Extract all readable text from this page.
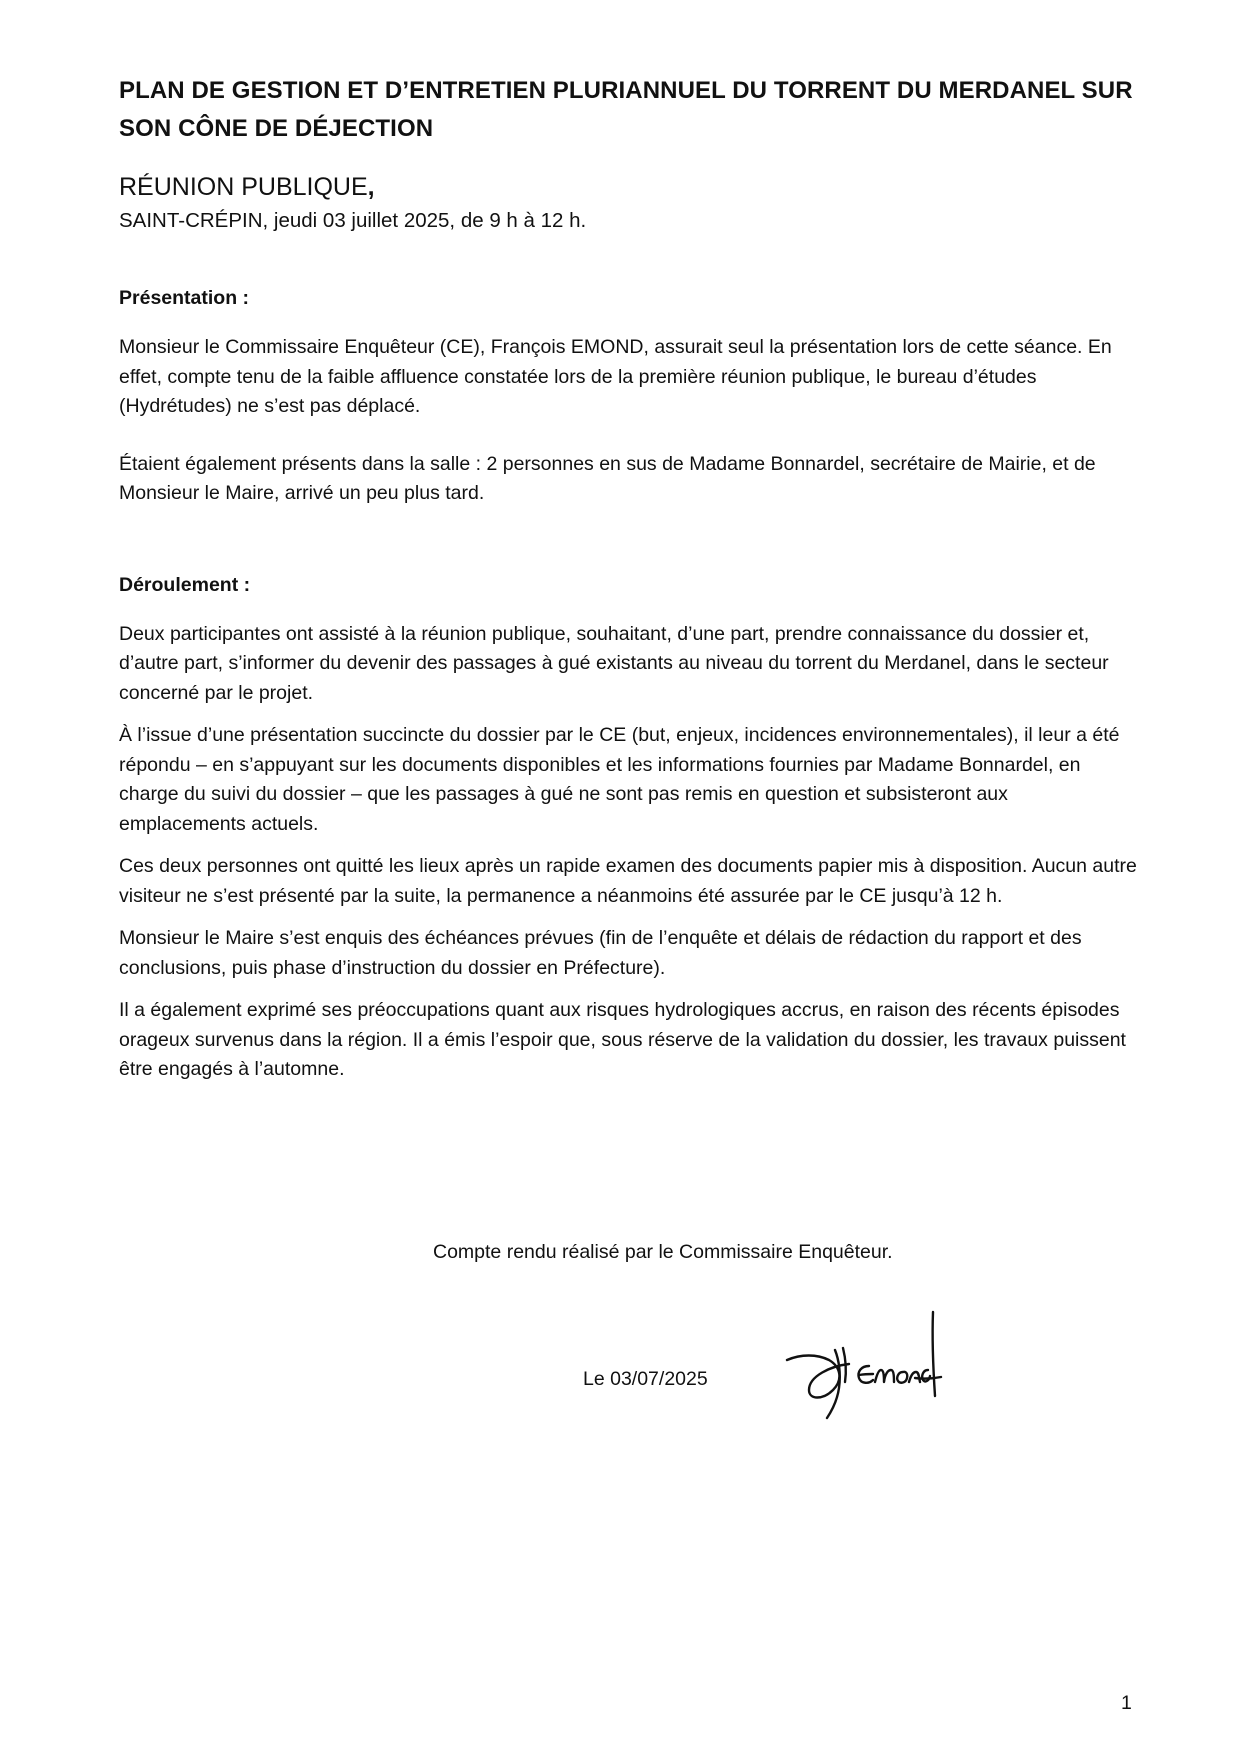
PLAN DE GESTION ET D’ENTRETIEN PLURIANNUEL DU TORRENT DU MERDANEL SUR SON CÔNE DE DÉJECTION

RÉUNION PUBLIQUE,

SAINT-CRÉPIN, jeudi 03 juillet 2025, de 9 h à 12 h.

Présentation :

Monsieur le Commissaire Enquêteur (CE), François EMOND, assurait seul la présentation lors de cette séance. En effet, compte tenu de la faible affluence constatée lors de la première réunion publique, le bureau d’études (Hydrétudes) ne s’est pas déplacé.

Étaient également présents dans la salle : 2 personnes en sus de Madame Bonnardel, secrétaire de Mairie, et de Monsieur le Maire, arrivé un peu plus tard.

Déroulement :

Deux participantes ont assisté à la réunion publique, souhaitant, d’une part, prendre connaissance du dossier et, d’autre part, s’informer du devenir des passages à gué existants au niveau du torrent du Merdanel, dans le secteur concerné par le projet.

À l’issue d’une présentation succincte du dossier par le CE (but, enjeux, incidences environnementales), il leur a été répondu – en s’appuyant sur les documents disponibles et les informations fournies par Madame Bonnardel, en charge du suivi du dossier – que les passages à gué ne sont pas remis en question et subsisteront aux emplacements actuels.

Ces deux personnes ont quitté les lieux après un rapide examen des documents papier mis à disposition. Aucun autre visiteur ne s’est présenté par la suite, la permanence a néanmoins été assurée par le CE jusqu’à 12 h.

Monsieur le Maire s’est enquis des échéances prévues (fin de l’enquête et délais de rédaction du rapport et des conclusions, puis phase d’instruction du dossier en Préfecture).

Il a également exprimé ses préoccupations quant aux risques hydrologiques accrus, en raison des récents épisodes orageux survenus dans la région. Il a émis l’espoir que, sous réserve de la validation du dossier, les travaux puissent être engagés à l’automne.

Compte rendu réalisé par le Commissaire Enquêteur.

Le 03/07/2025

1
